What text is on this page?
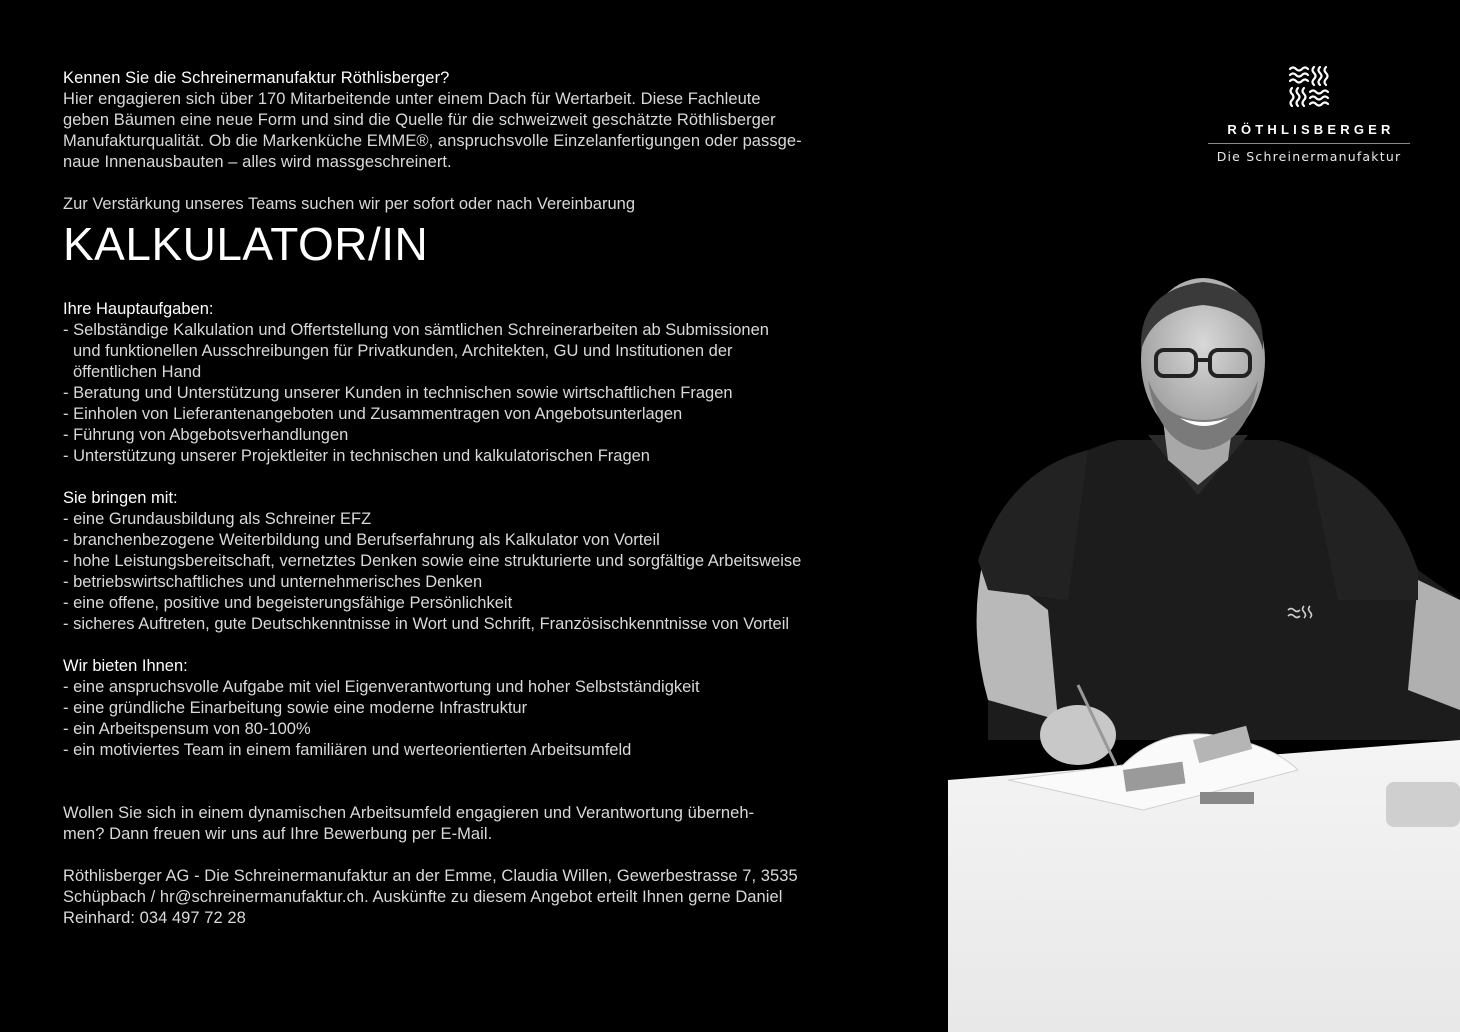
Kennen Sie die Schreinermanufaktur Röthlisberger?
Hier engagieren sich über 170 Mitarbeitende unter einem Dach für Wertarbeit. Diese Fachleute
geben Bäumen eine neue Form und sind die Quelle für die schweizweit geschätzte Röthlisberger
Manufakturqualität. Ob die Markenküche EMME®, anspruchsvolle Einzelanfertigungen oder passge-
naue Innenausbauten – alles wird massgeschreinert.
Zur Verstärkung unseres Teams suchen wir per sofort oder nach Vereinbarung
KALKULATOR/IN
Ihre Hauptaufgaben:
- Selbständige Kalkulation und Offertstellung von sämtlichen Schreinerarbeiten ab Submissionen
und funktionellen Ausschreibungen für Privatkunden, Architekten, GU und Institutionen der
öffentlichen Hand
- Beratung und Unterstützung unserer Kunden in technischen sowie wirtschaftlichen Fragen
- Einholen von Lieferantenangeboten und Zusammentragen von Angebotsunterlagen
- Führung von Abgebotsverhandlungen
- Unterstützung unserer Projektleiter in technischen und kalkulatorischen Fragen
Sie bringen mit:
- eine Grundausbildung als Schreiner EFZ
- branchenbezogene Weiterbildung und Berufserfahrung als Kalkulator von Vorteil
- hohe Leistungsbereitschaft, vernetztes Denken sowie eine strukturierte und sorgfältige Arbeitsweise
- betriebswirtschaftliches und unternehmerisches Denken
- eine offene, positive und begeisterungsfähige Persönlichkeit
- sicheres Auftreten, gute Deutschkenntnisse in Wort und Schrift, Französischkenntnisse von Vorteil
Wir bieten Ihnen:
- eine anspruchsvolle Aufgabe mit viel Eigenverantwortung und hoher Selbstständigkeit
- eine gründliche Einarbeitung sowie eine moderne Infrastruktur
- ein Arbeitspensum von 80-100%
- ein motiviertes Team in einem familiären und werteorientierten Arbeitsumfeld
Wollen Sie sich in einem dynamischen Arbeitsumfeld engagieren und Verantwortung überneh-
men? Dann freuen wir uns auf Ihre Bewerbung per E-Mail.
Röthlisberger AG - Die Schreinermanufaktur an der Emme, Claudia Willen, Gewerbestrasse 7, 3535
Schüpbach / hr@schreinermanufaktur.ch. Auskünfte zu diesem Angebot erteilt Ihnen gerne Daniel
Reinhard: 034 497 72 28
RÖTHLISBERGER
Die Schreinermanufaktur
